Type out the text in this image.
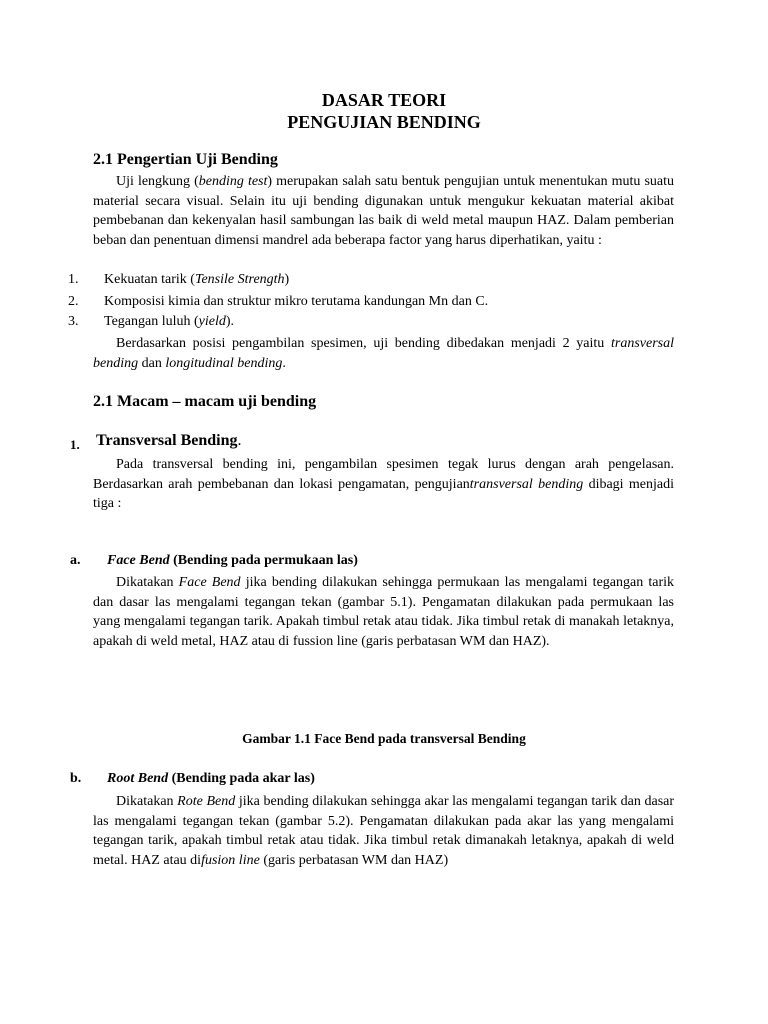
DASAR TEORI
PENGUJIAN BENDING
2.1 Pengertian Uji Bending
Uji lengkung (bending test) merupakan salah satu bentuk pengujian untuk menentukan mutu suatu material secara visual. Selain itu uji bending digunakan untuk mengukur kekuatan material akibat pembebanan dan kekenyalan hasil sambungan las baik di weld metal maupun HAZ. Dalam pemberian beban dan penentuan dimensi mandrel ada beberapa factor yang harus diperhatikan, yaitu :
1. Kekuatan tarik (Tensile Strength)
2. Komposisi kimia dan struktur mikro terutama kandungan Mn dan C.
3. Tegangan luluh (yield).
Berdasarkan posisi pengambilan spesimen, uji bending dibedakan menjadi 2 yaitu transversal bending dan longitudinal bending.
2.1 Macam – macam uji bending
1. Transversal Bending.
Pada transversal bending ini, pengambilan spesimen tegak lurus dengan arah pengelasan. Berdasarkan arah pembebanan dan lokasi pengamatan, pengujiantransversal bending dibagi menjadi tiga :
a. Face Bend (Bending pada permukaan las)
Dikatakan Face Bend jika bending dilakukan sehingga permukaan las mengalami tegangan tarik dan dasar las mengalami tegangan tekan (gambar 5.1). Pengamatan dilakukan pada permukaan las yang mengalami tegangan tarik. Apakah timbul retak atau tidak. Jika timbul retak di manakah letaknya, apakah di weld metal, HAZ atau di fussion line (garis perbatasan WM dan HAZ).
Gambar 1.1 Face Bend pada transversal Bending
b. Root Bend (Bending pada akar las)
Dikatakan Rote Bend jika bending dilakukan sehingga akar las mengalami tegangan tarik dan dasar las mengalami tegangan tekan (gambar 5.2). Pengamatan dilakukan pada akar las yang mengalami tegangan tarik, apakah timbul retak atau tidak. Jika timbul retak dimanakah letaknya, apakah di weld metal. HAZ atau difusion line (garis perbatasan WM dan HAZ)
